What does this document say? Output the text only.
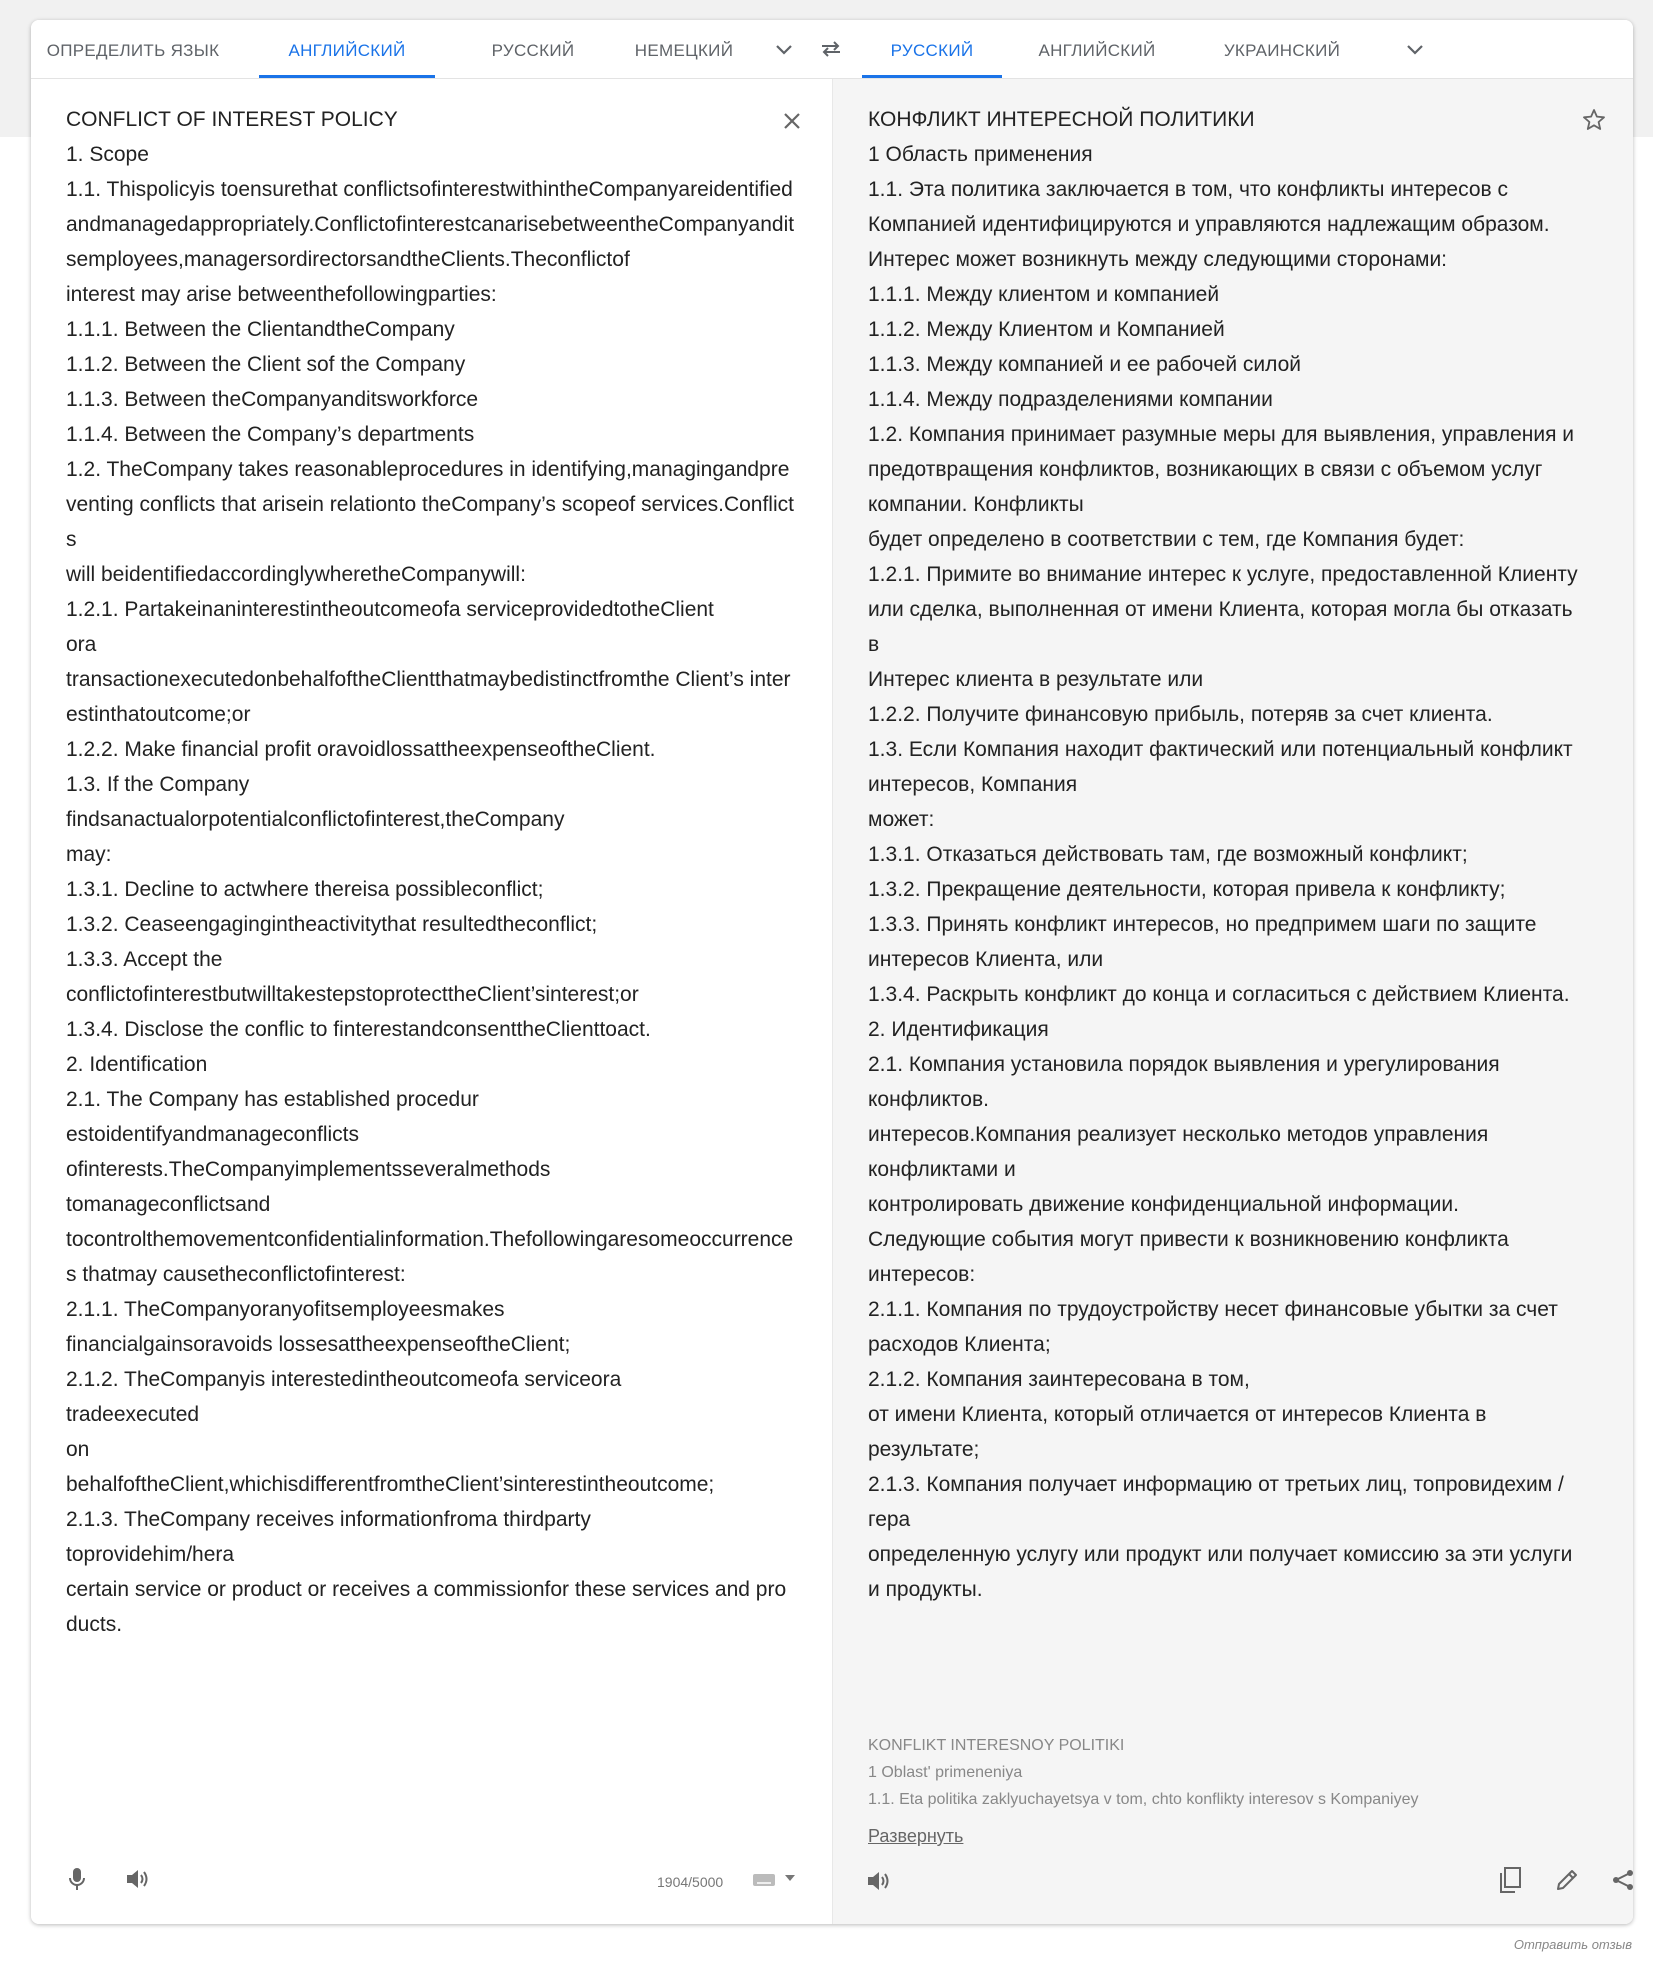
ОПРЕДЕЛИТЬ ЯЗЫК	АНГЛИЙСКИЙ	РУССКИЙ	НЕМЕЦКИЙ	РУССКИЙ	АНГЛИЙСКИЙ	УКРАИНСКИЙ
CONFLICT OF INTEREST POLICY
1. Scope
1.1. Thispolicyis toensurethat conflictsofinterestwithintheCompanyareidentifiedandmanagedappropriately.ConflictofinterestcanarisebetweentheCompanyanditsemployees,managersordirectorsandtheClients.Theconflictof
interest may arise betweenthefollowingparties:
1.1.1. Between the ClientandtheCompany
1.1.2. Between the Client sof the Company
1.1.3. Between theCompanyanditsworkforce
1.1.4. Between the Company’s departments
1.2. TheCompany takes reasonableprocedures in identifying,managingandpreventing conflicts that arisein relationto theCompany’s scopeof services.Conflicts
will beidentifiedaccordinglywheretheCompanywill:
1.2.1. Partakeinaninterestintheoutcomeofa serviceprovidedtotheClient
ora
transactionexecutedonbehalfoftheClientthatmaybedistinctfromthe Client’s interestinthatoutcome;or
1.2.2. Make financial profit oravoidlossattheexpenseoftheClient.
1.3. If the Company
findsanactualorpotentialconflictofinterest,theCompany
may:
1.3.1. Decline to actwhere thereisa possibleconflict;
1.3.2. Ceaseengagingintheactivitythat resultedtheconflict;
1.3.3. Accept the
conflictofinterestbutwilltakestepstoprotecttheClient’sinterest;or
1.3.4. Disclose the conflic to finterestandconsenttheClienttoact.
2. Identification
2.1. The Company has established procedur
estoidentifyandmanageconflicts
ofinterests.TheCompanyimplementsseveralmethods
tomanageconflictsand
tocontrolthemovementconfidentialinformation.Thefollowingaresomeoccurrences thatmay causetheconflictofinterest:
2.1.1. TheCompanyoranyofitsemployeesmakes
financialgainsoravoids lossesattheexpenseoftheClient;
2.1.2. TheCompanyis interestedintheoutcomeofa serviceora
tradeexecuted
on
behalfoftheClient,whichisdifferentfromtheClient’sinterestintheoutcome;
2.1.3. TheCompany receives informationfroma thirdparty
toprovidehim/hera
certain service or product or receives a commissionfor these services and products.
1904/5000
КОНФЛИКТ ИНТЕРЕСНОЙ ПОЛИТИКИ
1 Область применения
1.1. Эта политика заключается в том, что конфликты интересов с Компанией идентифицируются и управляются надлежащим образом.
Интерес может возникнуть между следующими сторонами:
1.1.1. Между клиентом и компанией
1.1.2. Между Клиентом и Компанией
1.1.3. Между компанией и ее рабочей силой
1.1.4. Между подразделениями компании
1.2. Компания принимает разумные меры для выявления, управления и предотвращения конфликтов, возникающих в связи с объемом услуг компании. Конфликты
будет определено в соответствии с тем, где Компания будет:
1.2.1. Примите во внимание интерес к услуге, предоставленной Клиенту
или сделка, выполненная от имени Клиента, которая могла бы отказать в
Интерес клиента в результате или
1.2.2. Получите финансовую прибыль, потеряв за счет клиента.
1.3. Если Компания находит фактический или потенциальный конфликт интересов, Компания
может:
1.3.1. Отказаться действовать там, где возможный конфликт;
1.3.2. Прекращение деятельности, которая привела к конфликту;
1.3.3. Принять конфликт интересов, но предпримем шаги по защите интересов Клиента, или
1.3.4. Раскрыть конфликт до конца и согласиться с действием Клиента.
2. Идентификация
2.1. Компания установила порядок выявления и урегулирования конфликтов.
интересов.Компания реализует несколько методов управления конфликтами и
контролировать движение конфиденциальной информации.
Следующие события могут привести к возникновению конфликта интересов:
2.1.1. Компания по трудоустройству несет финансовые убытки за счет расходов Клиента;
2.1.2. Компания заинтересована в том,
от имени Клиента, который отличается от интересов Клиента в результате;
2.1.3. Компания получает информацию от третьих лиц, топровидехим / гера
определенную услугу или продукт или получает комиссию за эти услуги и продукты.
KONFLIKT INTERESNOY POLITIKI
1 Oblast' primeneniya
1.1. Eta politika zaklyuchayetsya v tom, chto konflikty interesov s Kompaniyey
Развернуть
Отправить отзыв
